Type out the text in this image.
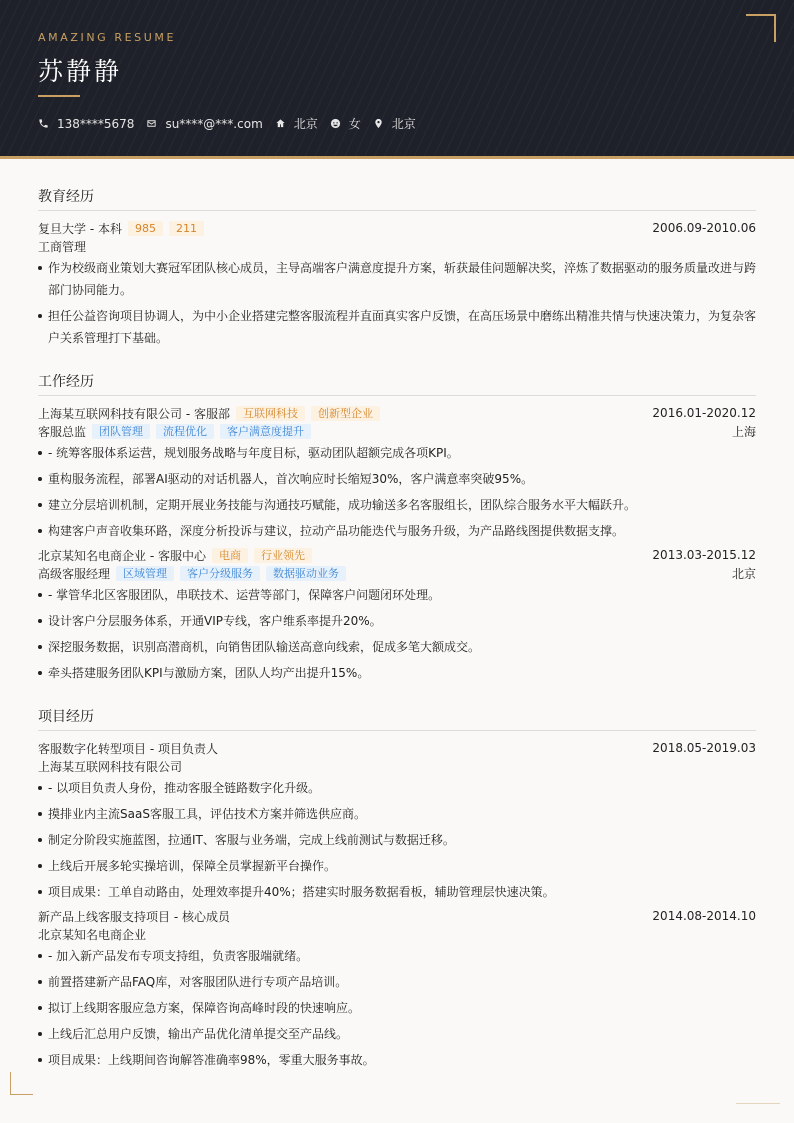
AMAZING RESUME
苏静静
138****5678	su****@***.com	北京	女	北京
教育经历
复旦大学 - 本科	985	211	2006.09-2010.06
工商管理
作为校级商业策划大赛冠军团队核心成员，主导高端客户满意度提升方案，斩获最佳问题解决奖，淬炼了数据驱动的服务质量改进与跨部门协同能力。
担任公益咨询项目协调人，为中小企业搭建完整客服流程并直面真实客户反馈，在高压场景中磨练出精准共情与快速决策力，为复杂客户关系管理打下基础。
工作经历
上海某互联网科技有限公司 - 客服部	互联网科技	创新型企业	2016.01-2020.12
客服总监	团队管理	流程优化	客户满意度提升	上海
- 统筹客服体系运营，规划服务战略与年度目标，驱动团队超额完成各项KPI。
重构服务流程，部署AI驱动的对话机器人，首次响应时长缩短30%，客户满意率突破95%。
建立分层培训机制，定期开展业务技能与沟通技巧赋能，成功输送多名客服组长，团队综合服务水平大幅跃升。
构建客户声音收集环路，深度分析投诉与建议，拉动产品功能迭代与服务升级，为产品路线图提供数据支撑。
北京某知名电商企业 - 客服中心	电商	行业领先	2013.03-2015.12
高级客服经理	区域管理	客户分级服务	数据驱动业务	北京
- 掌管华北区客服团队，串联技术、运营等部门，保障客户问题闭环处理。
设计客户分层服务体系，开通VIP专线，客户维系率提升20%。
深挖服务数据，识别高潜商机，向销售团队输送高意向线索，促成多笔大额成交。
牵头搭建服务团队KPI与激励方案，团队人均产出提升15%。
项目经历
客服数字化转型项目 - 项目负责人	2018.05-2019.03
上海某互联网科技有限公司
- 以项目负责人身份，推动客服全链路数字化升级。
摸排业内主流SaaS客服工具，评估技术方案并筛选供应商。
制定分阶段实施蓝图，拉通IT、客服与业务端，完成上线前测试与数据迁移。
上线后开展多轮实操培训，保障全员掌握新平台操作。
项目成果：工单自动路由，处理效率提升40%；搭建实时服务数据看板，辅助管理层快速决策。
新产品上线客服支持项目 - 核心成员	2014.08-2014.10
北京某知名电商企业
- 加入新产品发布专项支持组，负责客服端就绪。
前置搭建新产品FAQ库，对客服团队进行专项产品培训。
拟订上线期客服应急方案，保障咨询高峰时段的快速响应。
上线后汇总用户反馈，输出产品优化清单提交至产品线。
项目成果：上线期间咨询解答准确率98%，零重大服务事故。
